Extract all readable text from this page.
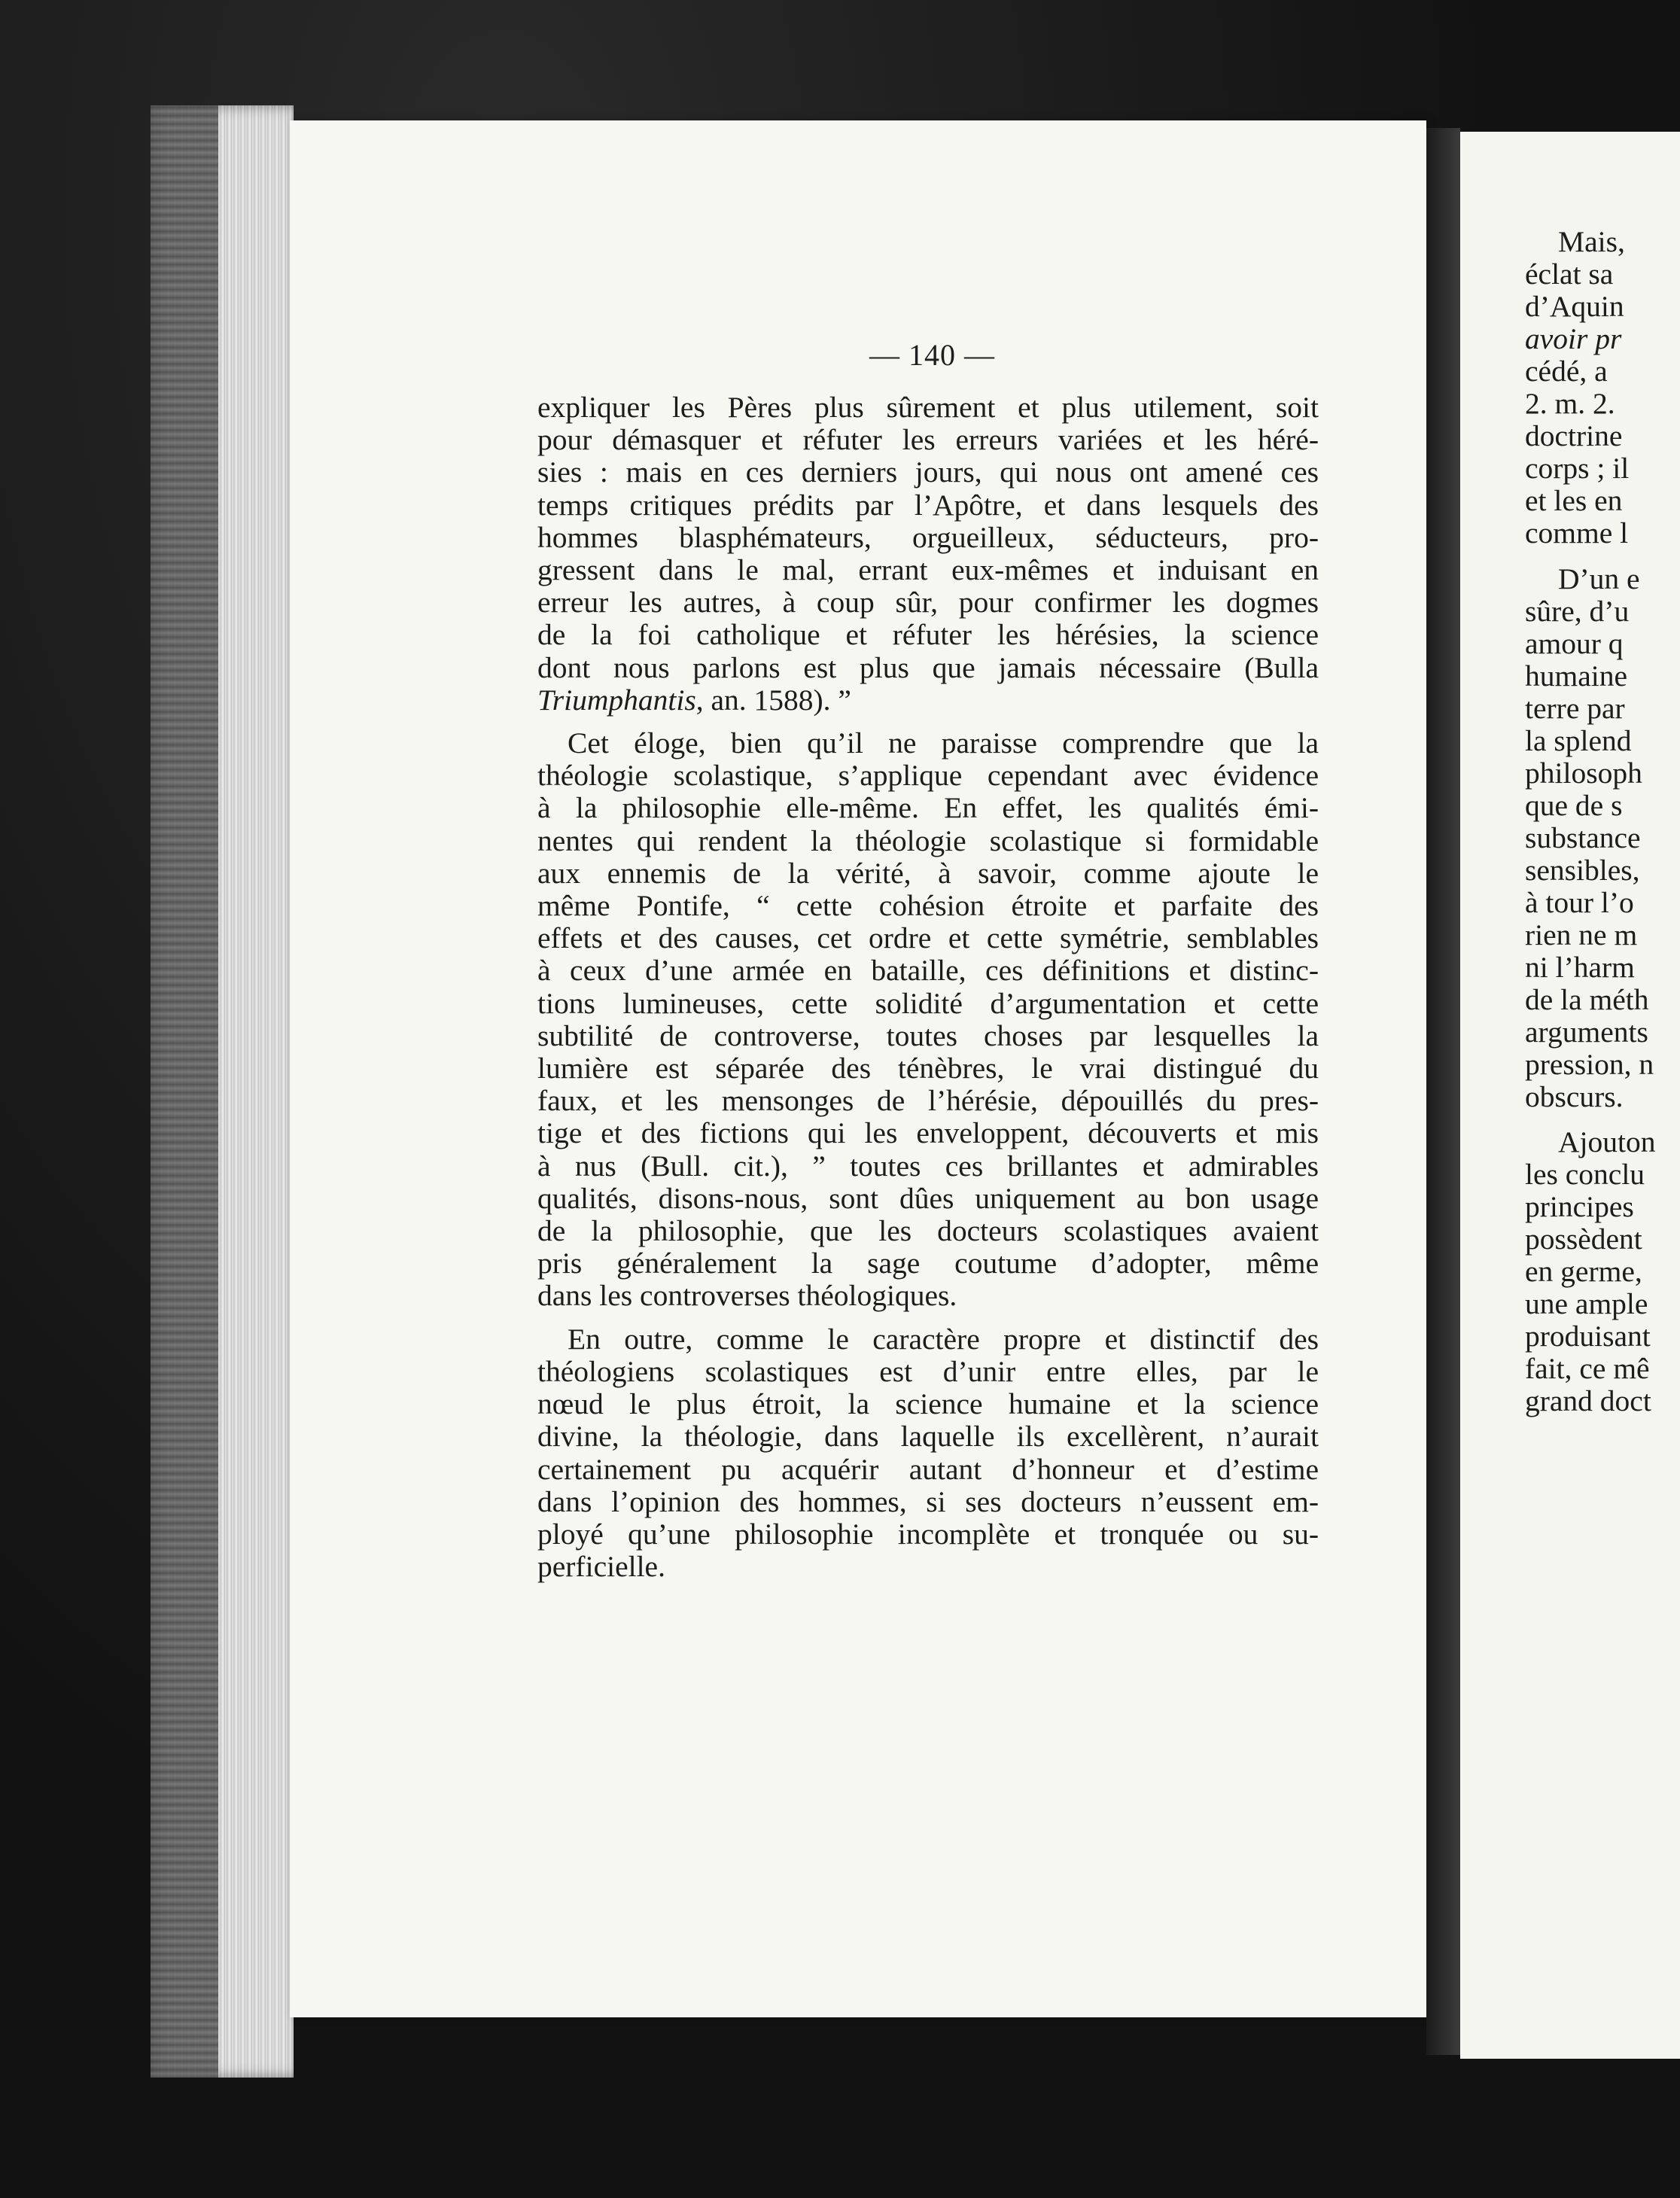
Mais,
éclat sa
d’Aquin
avoir pr
cédé, a
2. m. 2.
doctrine
corps ; il
et les en
comme l
D’un e
sûre, d’u
amour q
humaine
terre par
la splend
philosoph
que de s
substance
sensibles,
à tour l’o
rien ne m
ni l’harm
de la méth
arguments
pression, n
obscurs.
Ajouton
les conclu
principes
possèdent
en germe,
une ample
produisant
fait, ce mê
grand doct
— 140 —
expliquer les Pères plus sûrement et plus utilement, soit
pour démasquer et réfuter les erreurs variées et les héré-
sies : mais en ces derniers jours, qui nous ont amené ces
temps critiques prédits par l’Apôtre, et dans lesquels des
hommes blasphémateurs, orgueilleux, séducteurs, pro-
gressent dans le mal, errant eux-mêmes et induisant en
erreur les autres, à coup sûr, pour confirmer les dogmes
de la foi catholique et réfuter les hérésies, la science
dont nous parlons est plus que jamais nécessaire (Bulla
Triumphantis, an. 1588). ”
Cet éloge, bien qu’il ne paraisse comprendre que la
théologie scolastique, s’applique cependant avec évidence
à la philosophie elle-même. En effet, les qualités émi-
nentes qui rendent la théologie scolastique si formidable
aux ennemis de la vérité, à savoir, comme ajoute le
même Pontife, “ cette cohésion étroite et parfaite des
effets et des causes, cet ordre et cette symétrie, semblables
à ceux d’une armée en bataille, ces définitions et distinc-
tions lumineuses, cette solidité d’argumentation et cette
subtilité de controverse, toutes choses par lesquelles la
lumière est séparée des ténèbres, le vrai distingué du
faux, et les mensonges de l’hérésie, dépouillés du pres-
tige et des fictions qui les enveloppent, découverts et mis
à nus (Bull. cit.), ” toutes ces brillantes et admirables
qualités, disons-nous, sont dûes uniquement au bon usage
de la philosophie, que les docteurs scolastiques avaient
pris généralement la sage coutume d’adopter, même
dans les controverses théologiques.
En outre, comme le caractère propre et distinctif des
théologiens scolastiques est d’unir entre elles, par le
nœud le plus étroit, la science humaine et la science
divine, la théologie, dans laquelle ils excellèrent, n’aurait
certainement pu acquérir autant d’honneur et d’estime
dans l’opinion des hommes, si ses docteurs n’eussent em-
ployé qu’une philosophie incomplète et tronquée ou su-
perficielle.
